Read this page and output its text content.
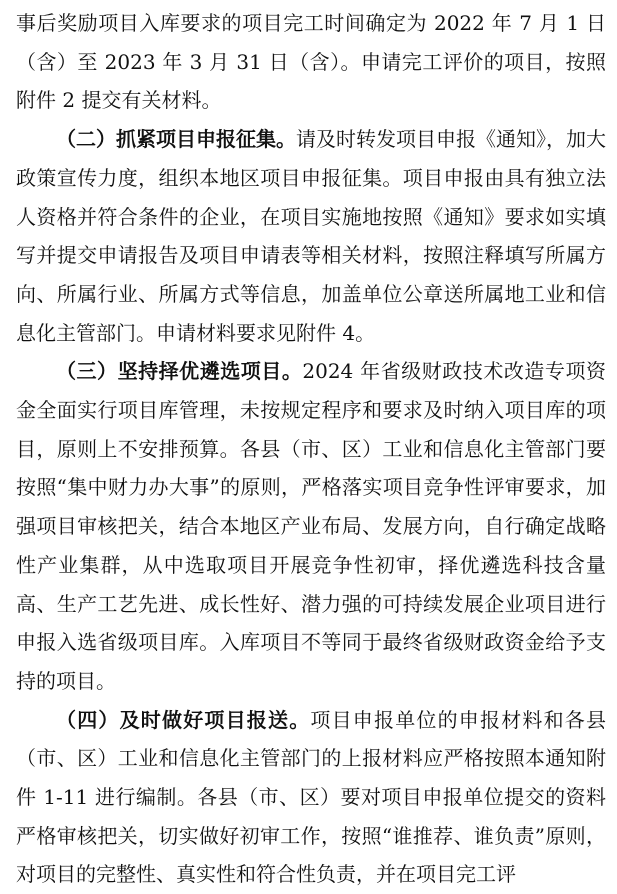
事后奖励项目入库要求的项目完工时间确定为 2022 年 7 月 1 日（含）至 2023 年 3 月 31 日（含）。申请完工评价的项目，按照附件 2 提交有关材料。

（二）抓紧项目申报征集。请及时转发项目申报《通知》，加大政策宣传力度，组织本地区项目申报征集。项目申报由具有独立法人资格并符合条件的企业，在项目实施地按照《通知》要求如实填写并提交申请报告及项目申请表等相关材料，按照注释填写所属方向、所属行业、所属方式等信息，加盖单位公章送所属地工业和信息化主管部门。申请材料要求见附件 4。

（三）坚持择优遴选项目。2024 年省级财政技术改造专项资金全面实行项目库管理，未按规定程序和要求及时纳入项目库的项目，原则上不安排预算。各县（市、区）工业和信息化主管部门要按照“集中财力办大事”的原则，严格落实项目竞争性评审要求，加强项目审核把关，结合本地区产业布局、发展方向，自行确定战略性产业集群，从中选取项目开展竞争性初审，择优遴选科技含量高、生产工艺先进、成长性好、潜力强的可持续发展企业项目进行申报入选省级项目库。入库项目不等同于最终省级财政资金给予支持的项目。

（四）及时做好项目报送。项目申报单位的申报材料和各县（市、区）工业和信息化主管部门的上报材料应严格按照本通知附件 1-11 进行编制。各县（市、区）要对项目申报单位提交的资料严格审核把关，切实做好初审工作，按照“谁推荐、谁负责”原则，对项目的完整性、真实性和符合性负责，并在项目完工评
